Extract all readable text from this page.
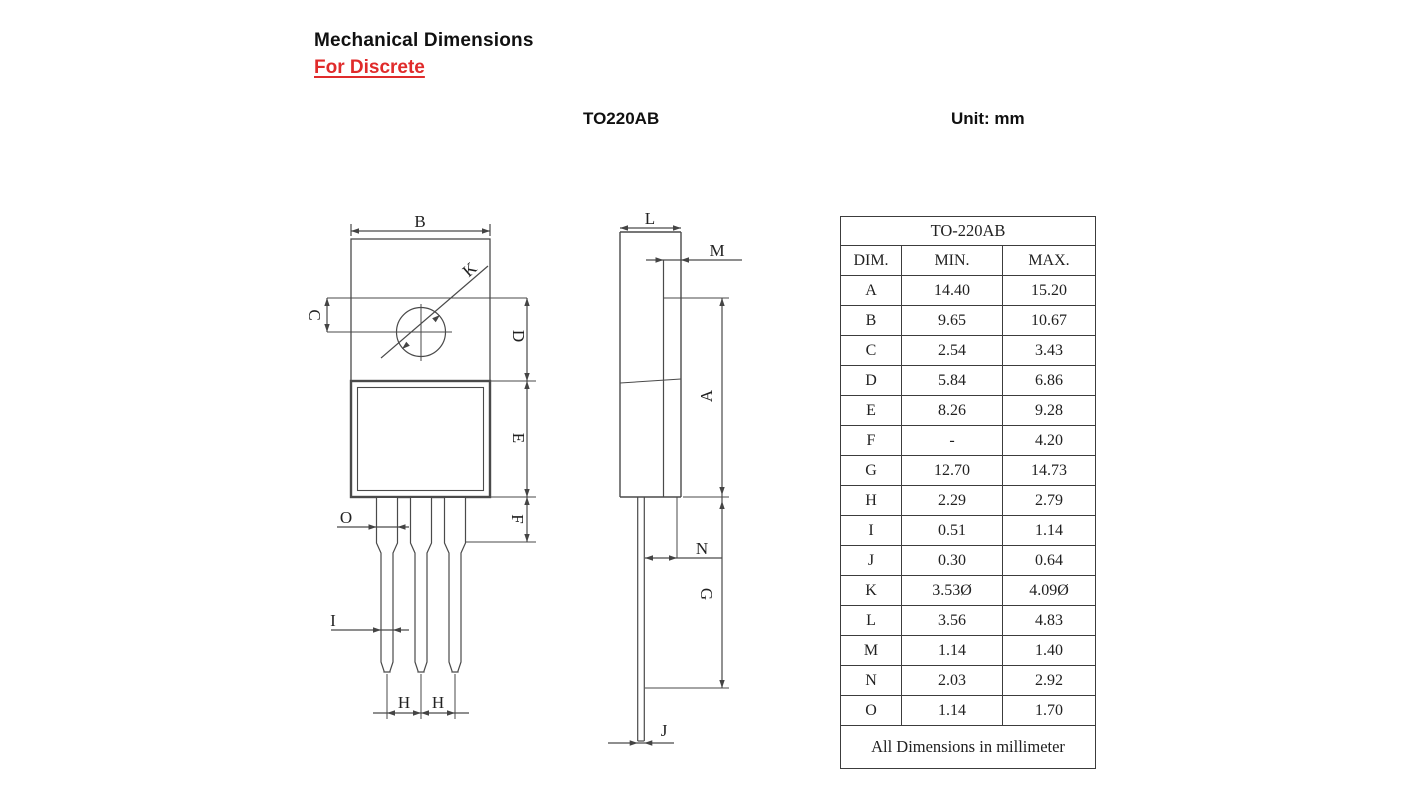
Mechanical Dimensions
For Discrete
TO220AB	Unit: mm
B
C
K
D
E
F
O
I
H H
L
M
A
N
G
J
TO-220AB		
DIM.	MIN.	MAX.
A	14.40	15.20
B	9.65	10.67
C	2.54	3.43
D	5.84	6.86
E	8.26	9.28
F	-	4.20
G	12.70	14.73
H	2.29	2.79
I	0.51	1.14
J	0.30	0.64
K	3.53Ø	4.09Ø
L	3.56	4.83
M	1.14	1.40
N	2.03	2.92
O	1.14	1.70
All Dimensions in millimeter		
